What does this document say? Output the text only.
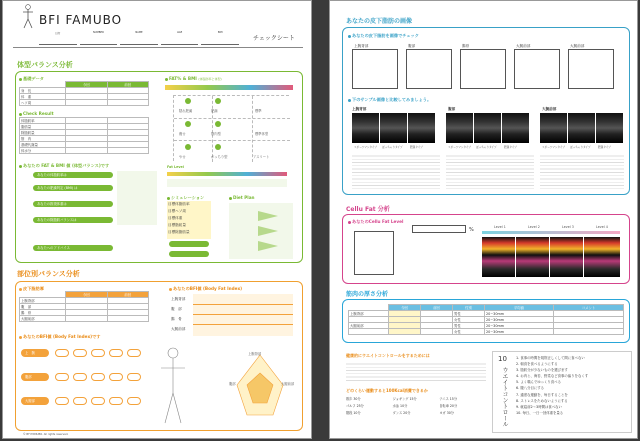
BFI FAMUBO
チェックシート
日付	NUMBER	NAME	AGE	BMI
体型バランス分析
基礎データ
	今回	前回
身　長		
体　重		
ヘソ周		
Check Result
体脂肪率		
脂肪量		
除脂肪量		
筋　肉		
基礎代謝量		
体水分		
あなたの FAT & BMI 値 (体型バランス)です
あなたの体脂肪率は
あなたの肥満判定 (BMI) は
あなたの推奨体重は
あなたの除脂肪バランスは
あなたへのアドバイス
FAT% & BMI (体脂肪率と体型)
隠れ肥満	肥満	標準
痩せ	筋肉型	標準体型
やせ	がっちり型	アスリート
Fat Level
シミュレーション
目標体脂肪率
目標ヘソ周
目標体重
目標脂肪量
目標除脂肪量
Diet Plan
部位別バランス分析
皮下脂肪厚
	今回	前回
上腕背部		
腹　部		
腸　骨		
大腿前部		
あなたのBFI値 (Body Fat Index)
上腕背部
腹　部
腸　骨
大腿前部
あなたのBFI値 (Body Fat Index)です
上　腕
腹部
大腿部
上腕背部
腹部	大腿前部
© BFI FAMUBO. All rights reserved.
あなたの皮下脂肪の画像
あなたの皮下脂肪を画像でチェック
上腕背部	腹部	腸骨	大腿前部	大腿前部
下のサンプル画像と比較してみましょう。
上腕背部	腹部	大腿前部
スポーツマンタイプ ぽっちゃりタイプ	肥満タイプ	スポーツマンタイプ ぽっちゃりタイプ	肥満タイプ	スポーツマンタイプ ぽっちゃりタイプ	肥満タイプ
Cellu Fat 分析
あなたのCellu Fat Level
%	Level 1	Level 2	Level 3	Level 4
筋肉の厚さ分析
	今回	前回	性別	平均値	コメント
上腕背部			男性	20~30mm	
			女性	20~30mm	
大腿前部			男性	20~30mm	
			女性	20~30mm	
健康的にウエイトコントロールをするためには
どのくらい運動すると100Kcal消費できるか
散歩 30分	ジョギング 15分	テニス 15分
ゴルフ 25分	水泳 10分	自転車 20分
階段 10分	ダンス 20分	ヨガ 30分
10
ウエイトコントロール
1. 食事の時間を規則正しくして間に食べない
2. 朝食を食べるようにする
3. 脂肪分が少ないものを選びます
4. お肉と、海苔、野菜など食事の偏りをなくす
5. よく噛んでゆっくり食べる
6. 腹八分目にする
7. 適度な運動を、毎日することを
8. ストレスをためないようにする
9. 就寝前2〜3時間は食べない
10. 毎日、一日一回体重を量る
